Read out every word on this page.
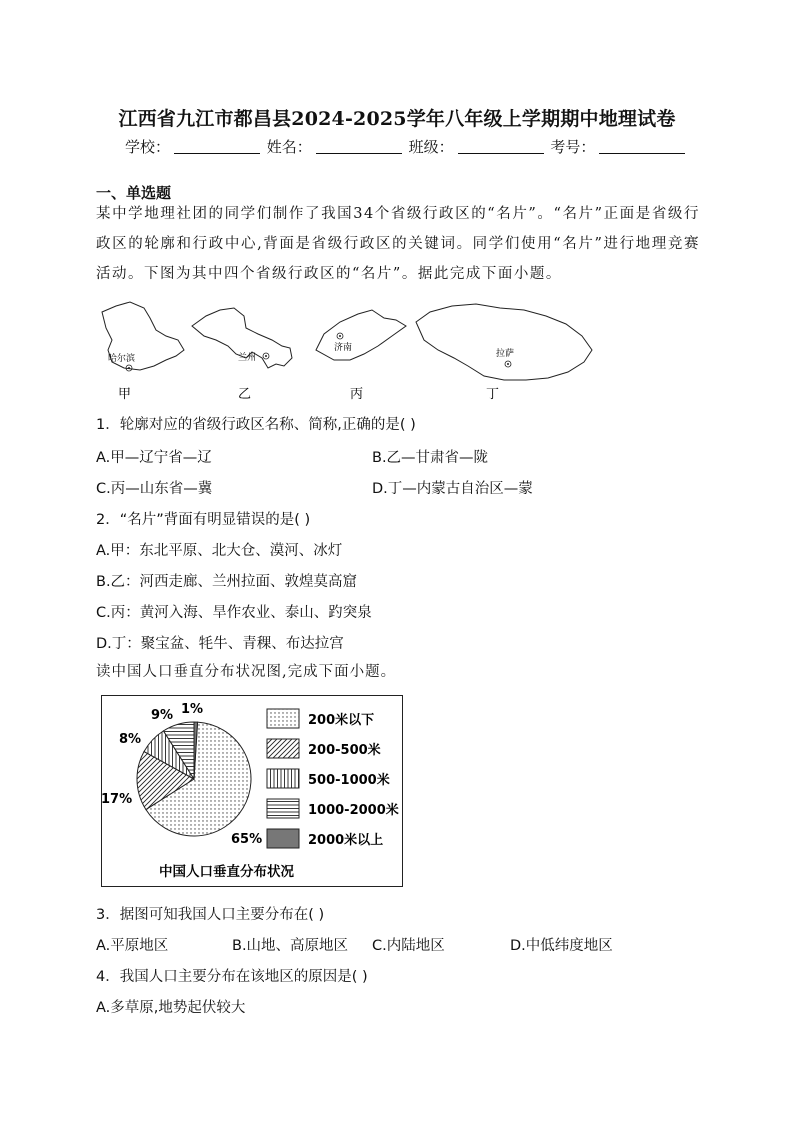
江西省九江市都昌县2024-2025学年八年级上学期期中地理试卷
学校：	姓名：	班级：	考号：
一、单选题
某中学地理社团的同学们制作了我国34个省级行政区的“名片”。“名片”正面是省级行政区的轮廓和行政中心,背面是省级行政区的关键词。同学们使用“名片”进行地理竞赛活动。下图为其中四个省级行政区的“名片”。据此完成下面小题。
哈尔滨	兰州
济南
拉萨
甲	乙	丙	丁
1．轮廓对应的省级行政区名称、简称,正确的是( )
A.甲—辽宁省—辽	B.乙—甘肃省—陇
C.丙—山东省—冀	D.丁—内蒙古自治区—蒙
2．“名片”背面有明显错误的是( )
A.甲：东北平原、北大仓、漠河、冰灯
B.乙：河西走廊、兰州拉面、敦煌莫高窟
C.丙：黄河入海、旱作农业、泰山、趵突泉
D.丁：聚宝盆、牦牛、青稞、布达拉宫
读中国人口垂直分布状况图,完成下面小题。
65%
17%
8%
9% 1%
200米以下
200-500米
500-1000米
1000-2000米
2000米以上
中国人口垂直分布状况
3．据图可知我国人口主要分布在( )
A.平原地区	B.山地、高原地区 C.内陆地区	D.中低纬度地区
4．我国人口主要分布在该地区的原因是( )
A.多草原,地势起伏较大
